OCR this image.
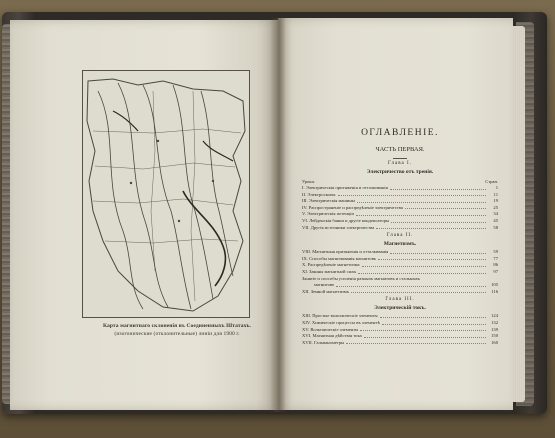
Карта магнитнаго склоненія въ Соединенныхъ Штатахъ.
(изогонические (отклонительные) линіи для 1900 г.
ОГЛАВЛЕНІЕ.
ЧАСТЬ ПЕРВАЯ.
Глава I.
Электричество отъ тренія.
Уроки.	Стран.
I. Электрическія притяженія и отталкиванія	1
II. Электроскопы	11
III. Электрическія машины	19
IV. Распространеніе и распредѣленіе электричества	25
V. Электрическія потенціи	34
VI. Лейденскія банки и другіе конденсаторы	45
VII. Другія источники электричества	58
Глава II.
Магнетизмъ.
VIII. Магнитныя притяженія и отталкиванія	59
IX. Способы магничиванія магнитовъ	77
X. Распредѣленіе магнетизма	86
XI. Законы магнитной силы	97
Занятіе и способы усиленія разныхъ магнитовъ и стальныхъ
магнитовъ	105
XII. Земной магнетизмъ	116
Глава III.
Электрическій токъ.
XIII. Простые вольтаическіе элементы	124
XIV. Химическіе процессы въ элементѣ	132
XV. Вольтаическіе элементы	139
XVI. Магнитная дѣйствія тока	150
XVII. Гальванометры	160
